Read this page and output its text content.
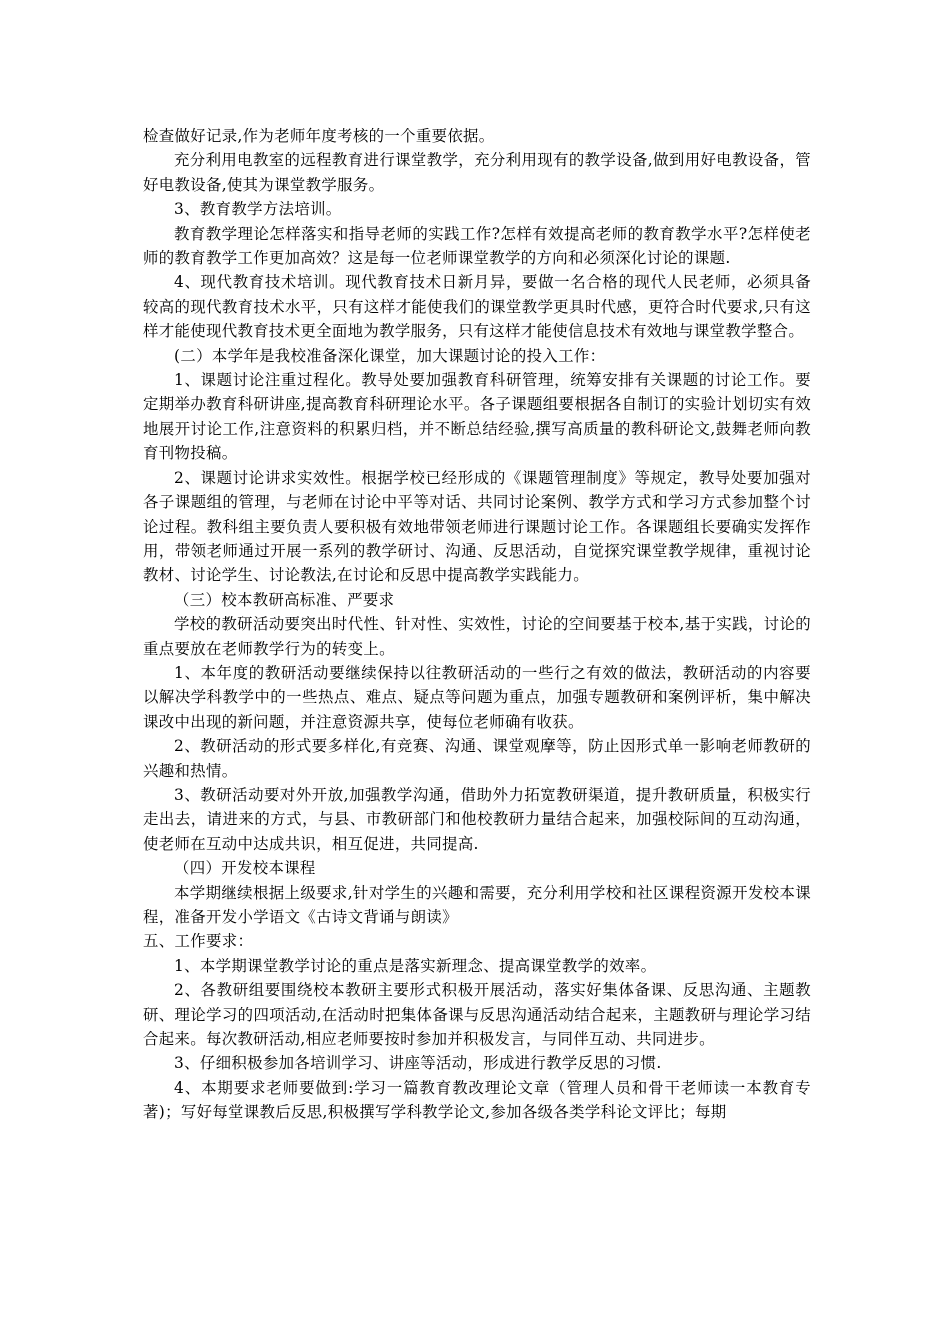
检查做好记录,作为老师年度考核的一个重要依据。

充分利用电教室的远程教育进行课堂教学，充分利用现有的教学设备,做到用好电教设备，管好电教设备,使其为课堂教学服务。

3、教育教学方法培训。

教育教学理论怎样落实和指导老师的实践工作?怎样有效提高老师的教育教学水平?怎样使老师的教育教学工作更加高效？这是每一位老师课堂教学的方向和必须深化讨论的课题.

4、现代教育技术培训。现代教育技术日新月异，要做一名合格的现代人民老师，必须具备较高的现代教育技术水平，只有这样才能使我们的课堂教学更具时代感，更符合时代要求,只有这样才能使现代教育技术更全面地为教学服务，只有这样才能使信息技术有效地与课堂教学整合。

(二）本学年是我校准备深化课堂，加大课题讨论的投入工作：

1、课题讨论注重过程化。教导处要加强教育科研管理，统筹安排有关课题的讨论工作。要定期举办教育科研讲座,提高教育科研理论水平。各子课题组要根据各自制订的实验计划切实有效地展开讨论工作,注意资料的积累归档，并不断总结经验,撰写高质量的教科研论文,鼓舞老师向教育刊物投稿。

2、课题讨论讲求实效性。根据学校已经形成的《课题管理制度》等规定，教导处要加强对各子课题组的管理，与老师在讨论中平等对话、共同讨论案例、教学方式和学习方式参加整个讨论过程。教科组主要负责人要积极有效地带领老师进行课题讨论工作。各课题组长要确实发挥作用，带领老师通过开展一系列的教学研讨、沟通、反思活动，自觉探究课堂教学规律，重视讨论教材、讨论学生、讨论教法,在讨论和反思中提高教学实践能力。

（三）校本教研高标准、严要求

学校的教研活动要突出时代性、针对性、实效性，讨论的空间要基于校本,基于实践，讨论的重点要放在老师教学行为的转变上。

1、本年度的教研活动要继续保持以往教研活动的一些行之有效的做法，教研活动的内容要以解决学科教学中的一些热点、难点、疑点等问题为重点，加强专题教研和案例评析，集中解决课改中出现的新问题，并注意资源共享，使每位老师确有收获。

2、教研活动的形式要多样化,有竞赛、沟通、课堂观摩等，防止因形式单一影响老师教研的兴趣和热情。

3、教研活动要对外开放,加强教学沟通，借助外力拓宽教研渠道，提升教研质量，积极实行走出去，请进来的方式，与县、市教研部门和他校教研力量结合起来，加强校际间的互动沟通，使老师在互动中达成共识，相互促进，共同提高.

（四）开发校本课程

本学期继续根据上级要求,针对学生的兴趣和需要，充分利用学校和社区课程资源开发校本课程，准备开发小学语文《古诗文背诵与朗读》

五、工作要求：

1、本学期课堂教学讨论的重点是落实新理念、提高课堂教学的效率。

2、各教研组要围绕校本教研主要形式积极开展活动，落实好集体备课、反思沟通、主题教研、理论学习的四项活动,在活动时把集体备课与反思沟通活动结合起来，主题教研与理论学习结合起来。每次教研活动,相应老师要按时参加并积极发言，与同伴互动、共同进步。

3、仔细积极参加各培训学习、讲座等活动，形成进行教学反思的习惯.

4、本期要求老师要做到:学习一篇教育教改理论文章（管理人员和骨干老师读一本教育专著)；写好每堂课教后反思,积极撰写学科教学论文,参加各级各类学科论文评比；每期
